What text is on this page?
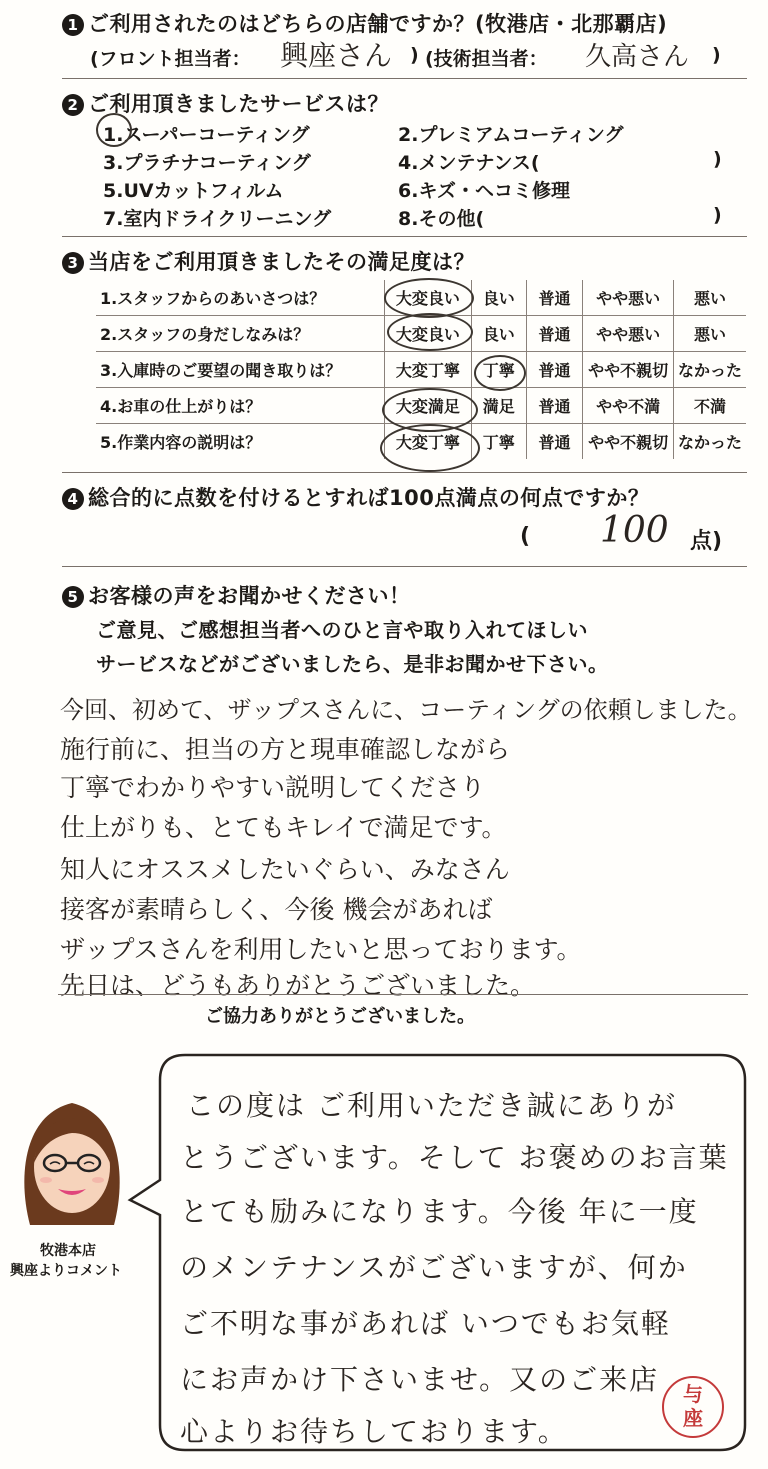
1 ご利用されたのはどちらの店舗ですか？(牧港店・北那覇店)
(フロント担当者： 興座さん ) (技術担当者： 久高さん )
2 ご利用頂きましたサービスは？
1.スーパーコーティング	2.プレミアムコーティング
3.プラチナコーティング	4.メンテナンス(	)
5.UVカットフィルム	6.キズ・ヘコミ修理
7.室内ドライクリーニング	8.その他(	)
3 当店をご利用頂きましたその満足度は？
1.スタッフからのあいさつは？	大変良い	良い	普通	やや悪い	悪い
2.スタッフの身だしなみは？	大変良い	良い	普通	やや悪い	悪い
3.入庫時のご要望の聞き取りは？	大変丁寧	丁寧	普通	やや不親切	なかった
4.お車の仕上がりは？	大変満足	満足	普通	やや不満	不満
5.作業内容の説明は？	大変丁寧	丁寧	普通	やや不親切	なかった
4 総合的に点数を付けるとすれば100点満点の何点ですか？
( 100 点)
5 お客様の声をお聞かせください！
ご意見、ご感想担当者へのひと言や取り入れてほしい
サービスなどがございましたら、是非お聞かせ下さい。
今回、初めて、ザップスさんに、コーティングの依頼しました。
施行前に、担当の方と現車確認しながら
丁寧でわかりやすい説明してくださり
仕上がりも、とてもキレイで満足です。
知人にオススメしたいぐらい、みなさん
接客が素晴らしく、今後 機会があれば
ザップスさんを利用したいと思っております。
先日は、どうもありがとうございました。
ご協力ありがとうございました。
牧港本店
興座よりコメント
この度は ご利用いただき誠にありが
とうございます。そして お褒めのお言葉
とても励みになります。今後 年に一度
のメンテナンスがございますが、何か
ご不明な事があれば いつでもお気軽
にお声かけ下さいませ。又のご来店
心よりお待ちしております。
与座
